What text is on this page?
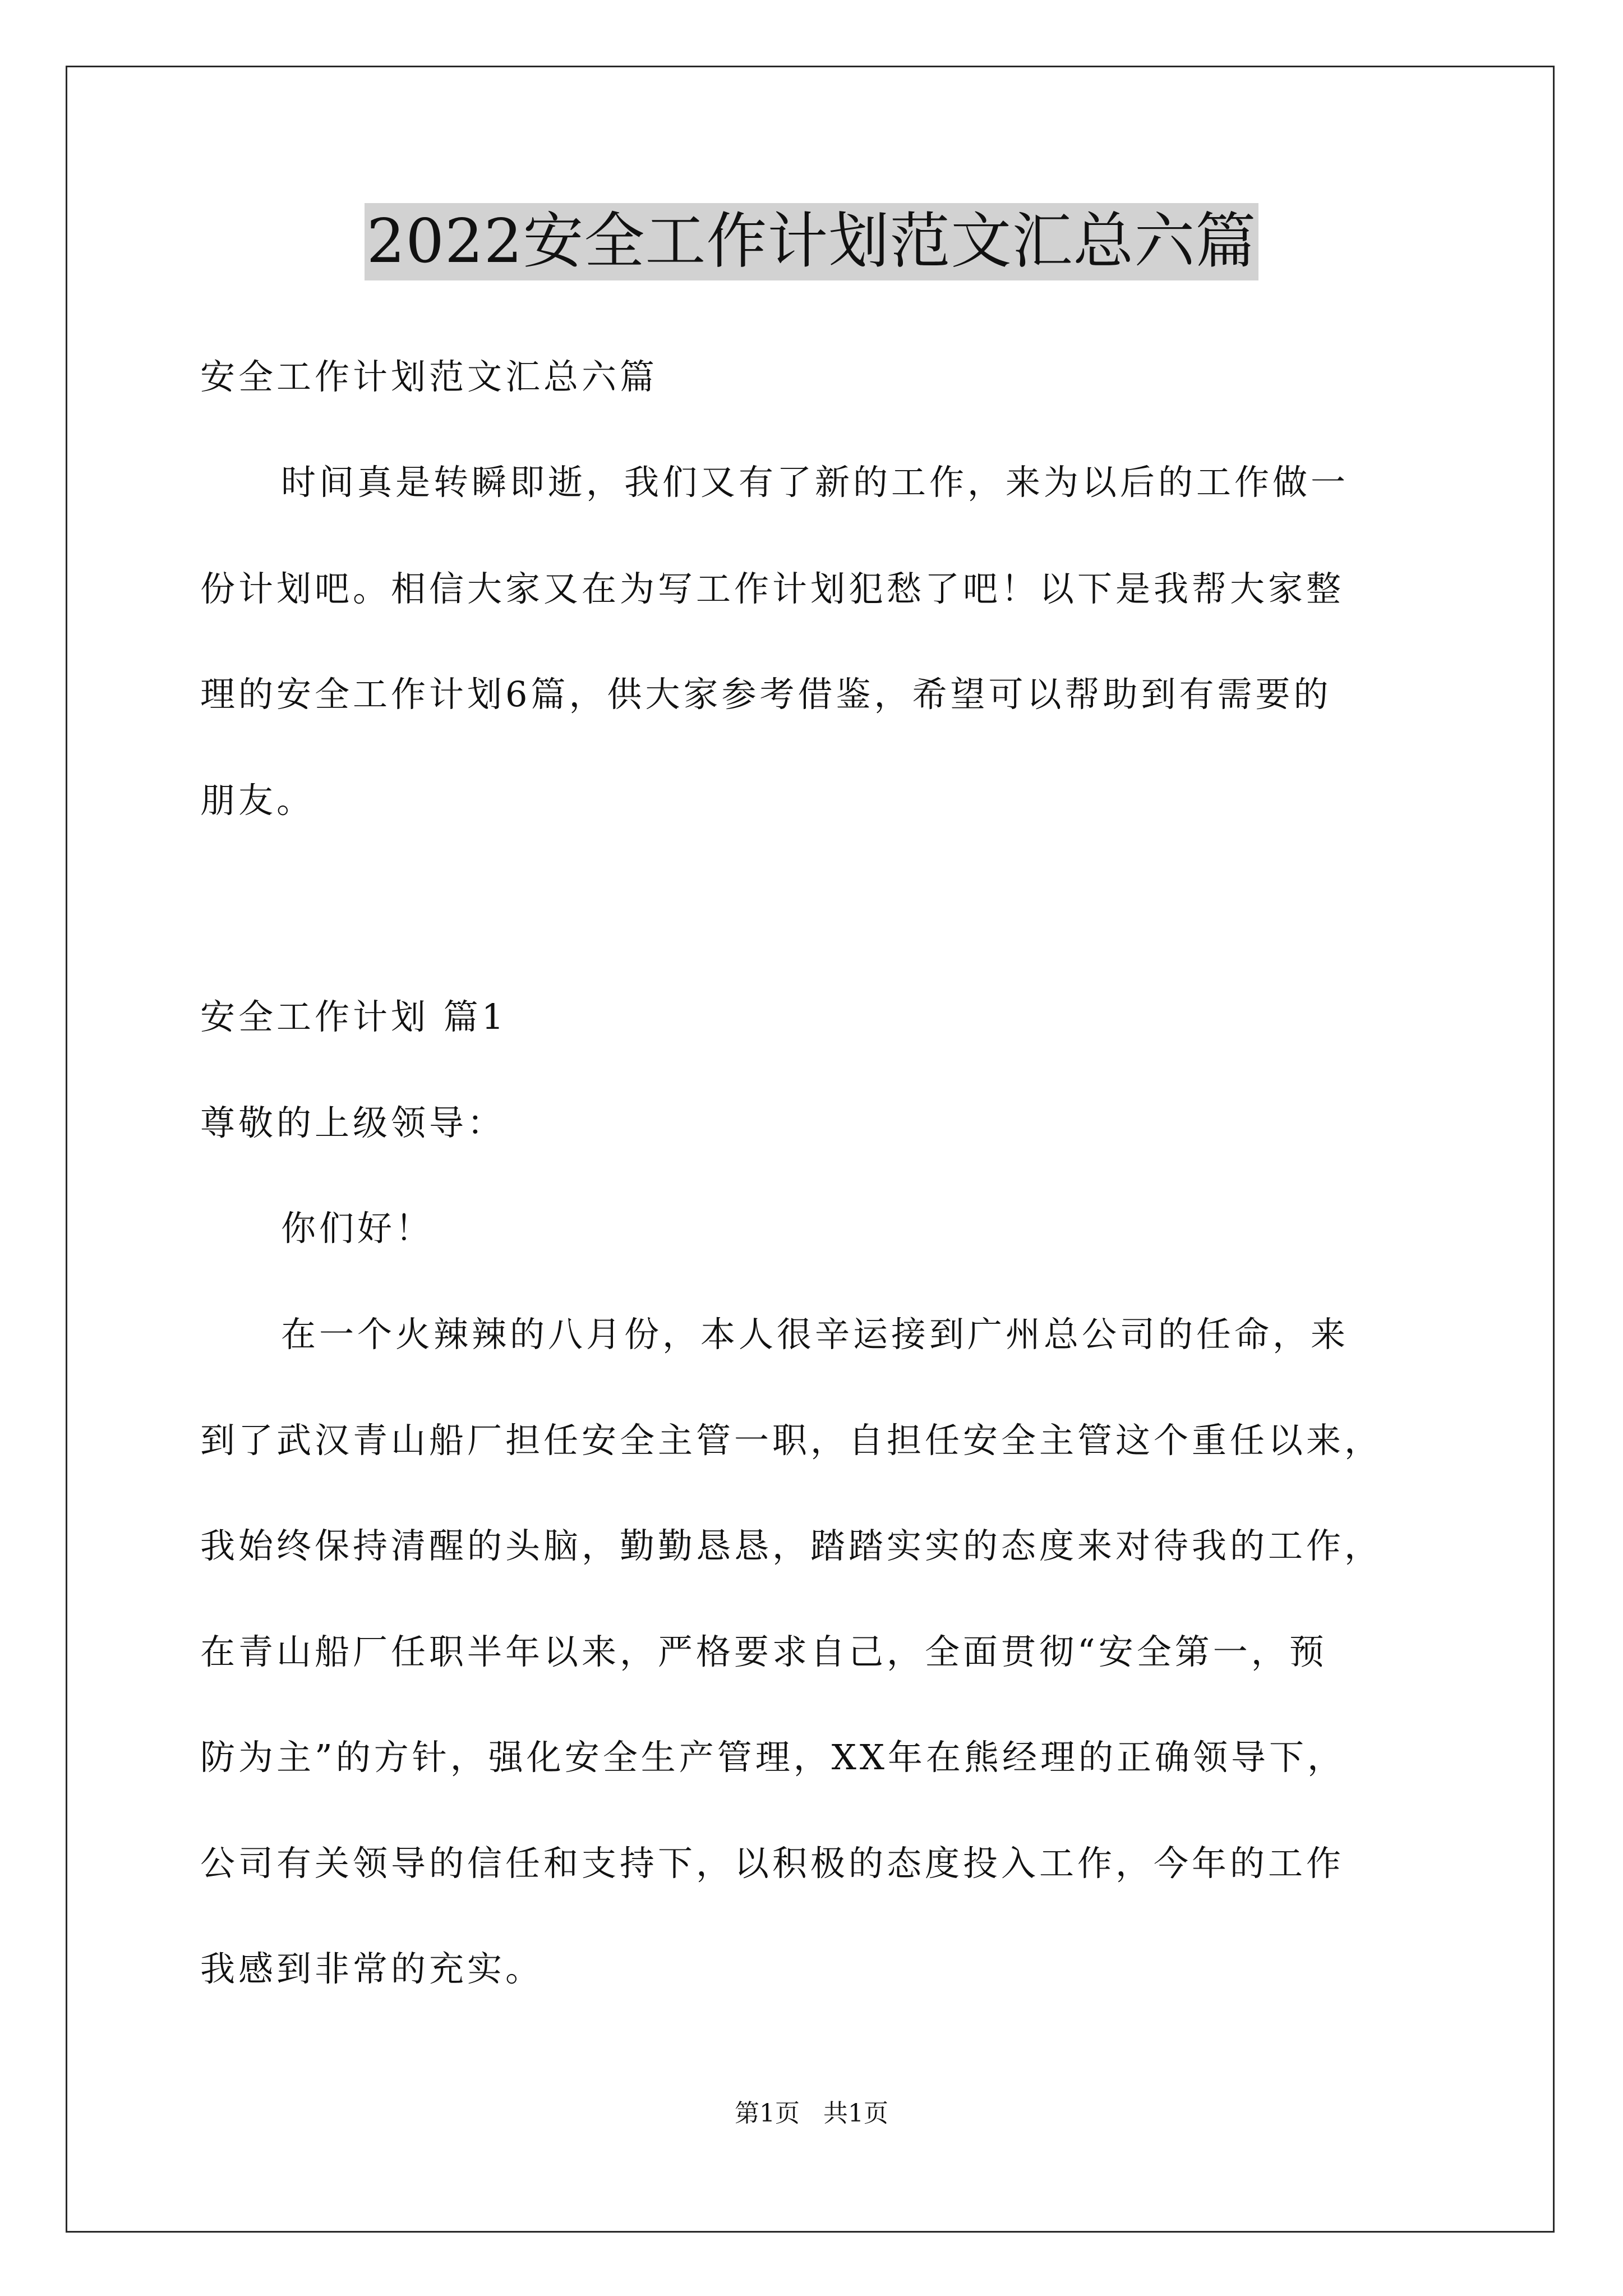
2022安全工作计划范文汇总六篇
安全工作计划范文汇总六篇
时间真是转瞬即逝，我们又有了新的工作，来为以后的工作做一
份计划吧。相信大家又在为写工作计划犯愁了吧！以下是我帮大家整
理的安全工作计划6篇，供大家参考借鉴，希望可以帮助到有需要的
朋友。
安全工作计划 篇1
尊敬的上级领导：
你们好！
在一个火辣辣的八月份，本人很辛运接到广州总公司的任命，来
到了武汉青山船厂担任安全主管一职，自担任安全主管这个重任以来，
我始终保持清醒的头脑，勤勤恳恳，踏踏实实的态度来对待我的工作，
在青山船厂任职半年以来，严格要求自己，全面贯彻“安全第一，预
防为主”的方针，强化安全生产管理，XX年在熊经理的正确领导下，
公司有关领导的信任和支持下，以积极的态度投入工作，今年的工作
我感到非常的充实。
第1页   共1页
